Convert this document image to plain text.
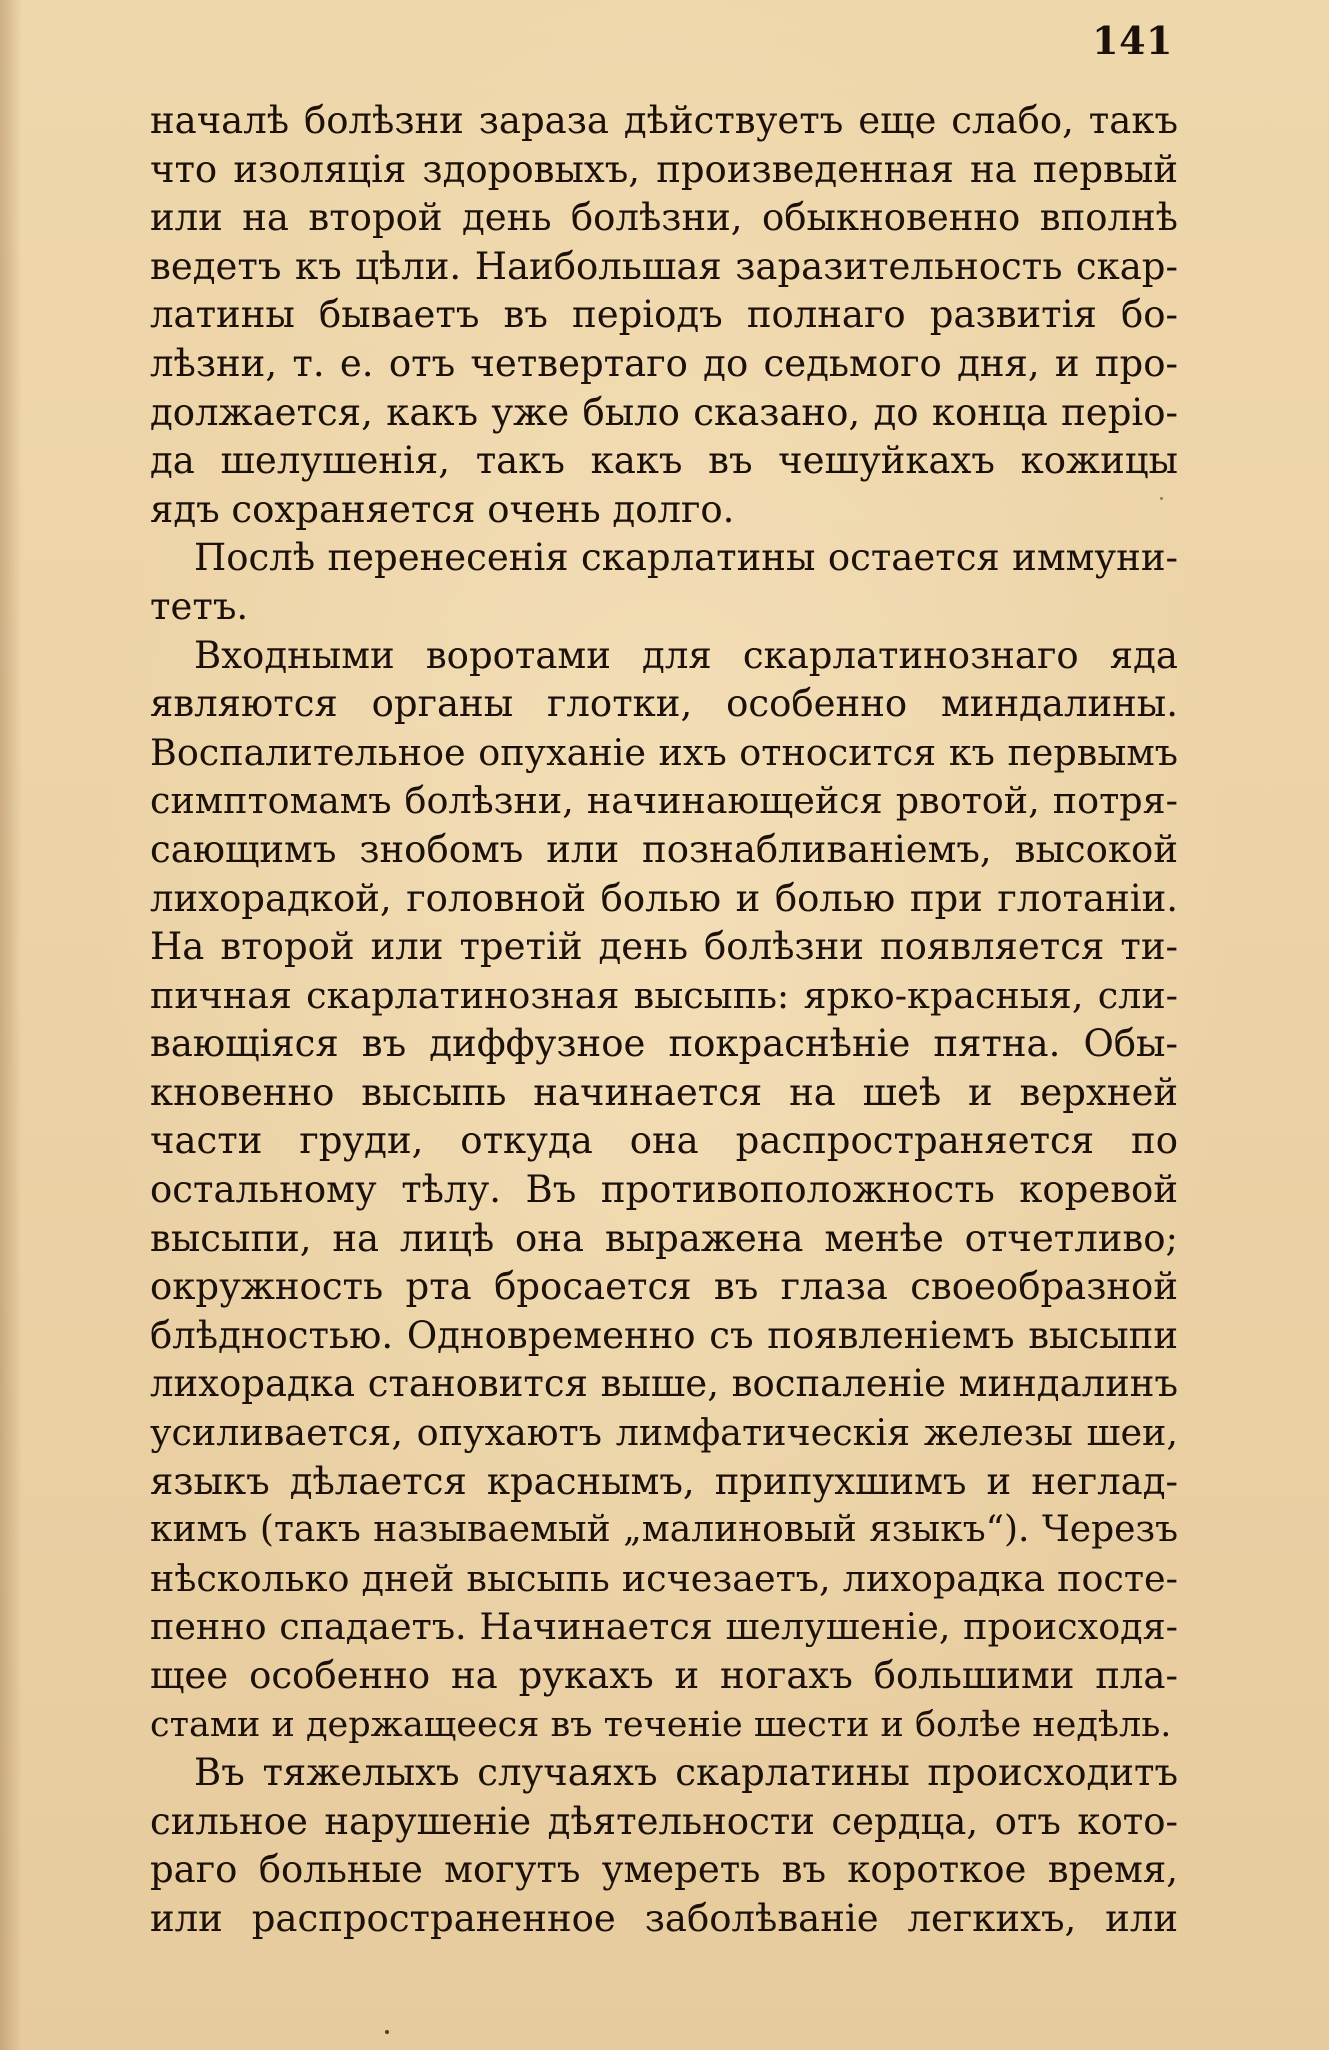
141
началѣ болѣзни зараза дѣйствуетъ еще слабо, такъ
что изоляція здоровыхъ, произведенная на первый
или на второй день болѣзни, обыкновенно вполнѣ
ведетъ къ цѣли. Наибольшая заразительность скар-
латины бываетъ въ періодъ полнаго развитія бо-
лѣзни, т. е. отъ четвертаго до седьмого дня, и про-
должается, какъ уже было сказано, до конца періо-
да шелушенія, такъ какъ въ чешуйкахъ кожицы
ядъ сохраняется очень долго.
Послѣ перенесенія скарлатины остается иммуни-
тетъ.
Входными воротами для скарлатинознаго яда
являются органы глотки, особенно миндалины.
Воспалительное опуханіе ихъ относится къ первымъ
симптомамъ болѣзни, начинающейся рвотой, потря-
сающимъ знобомъ или познабливаніемъ, высокой
лихорадкой, головной болью и болью при глотаніи.
На второй или третій день болѣзни появляется ти-
пичная скарлатинозная высыпь: ярко-красныя, сли-
вающіяся въ диффузное покраснѣніе пятна. Обы-
кновенно высыпь начинается на шеѣ и верхней
части груди, откуда она распространяется по
остальному тѣлу. Въ противоположность коревой
высыпи, на лицѣ она выражена менѣе отчетливо;
окружность рта бросается въ глаза своеобразной
блѣдностью. Одновременно съ появленіемъ высыпи
лихорадка становится выше, воспаленіе миндалинъ
усиливается, опухаютъ лимфатическія железы шеи,
языкъ дѣлается краснымъ, припухшимъ и неглад-
кимъ (такъ называемый „малиновый языкъ“). Черезъ
нѣсколько дней высыпь исчезаетъ, лихорадка посте-
пенно спадаетъ. Начинается шелушеніе, происходя-
щее особенно на рукахъ и ногахъ большими пла-
стами и держащееся въ теченіе шести и болѣе недѣль.
Въ тяжелыхъ случаяхъ скарлатины происходитъ
сильное нарушеніе дѣятельности сердца, отъ кото-
раго больные могутъ умереть въ короткое время,
или распространенное заболѣваніе легкихъ, или
